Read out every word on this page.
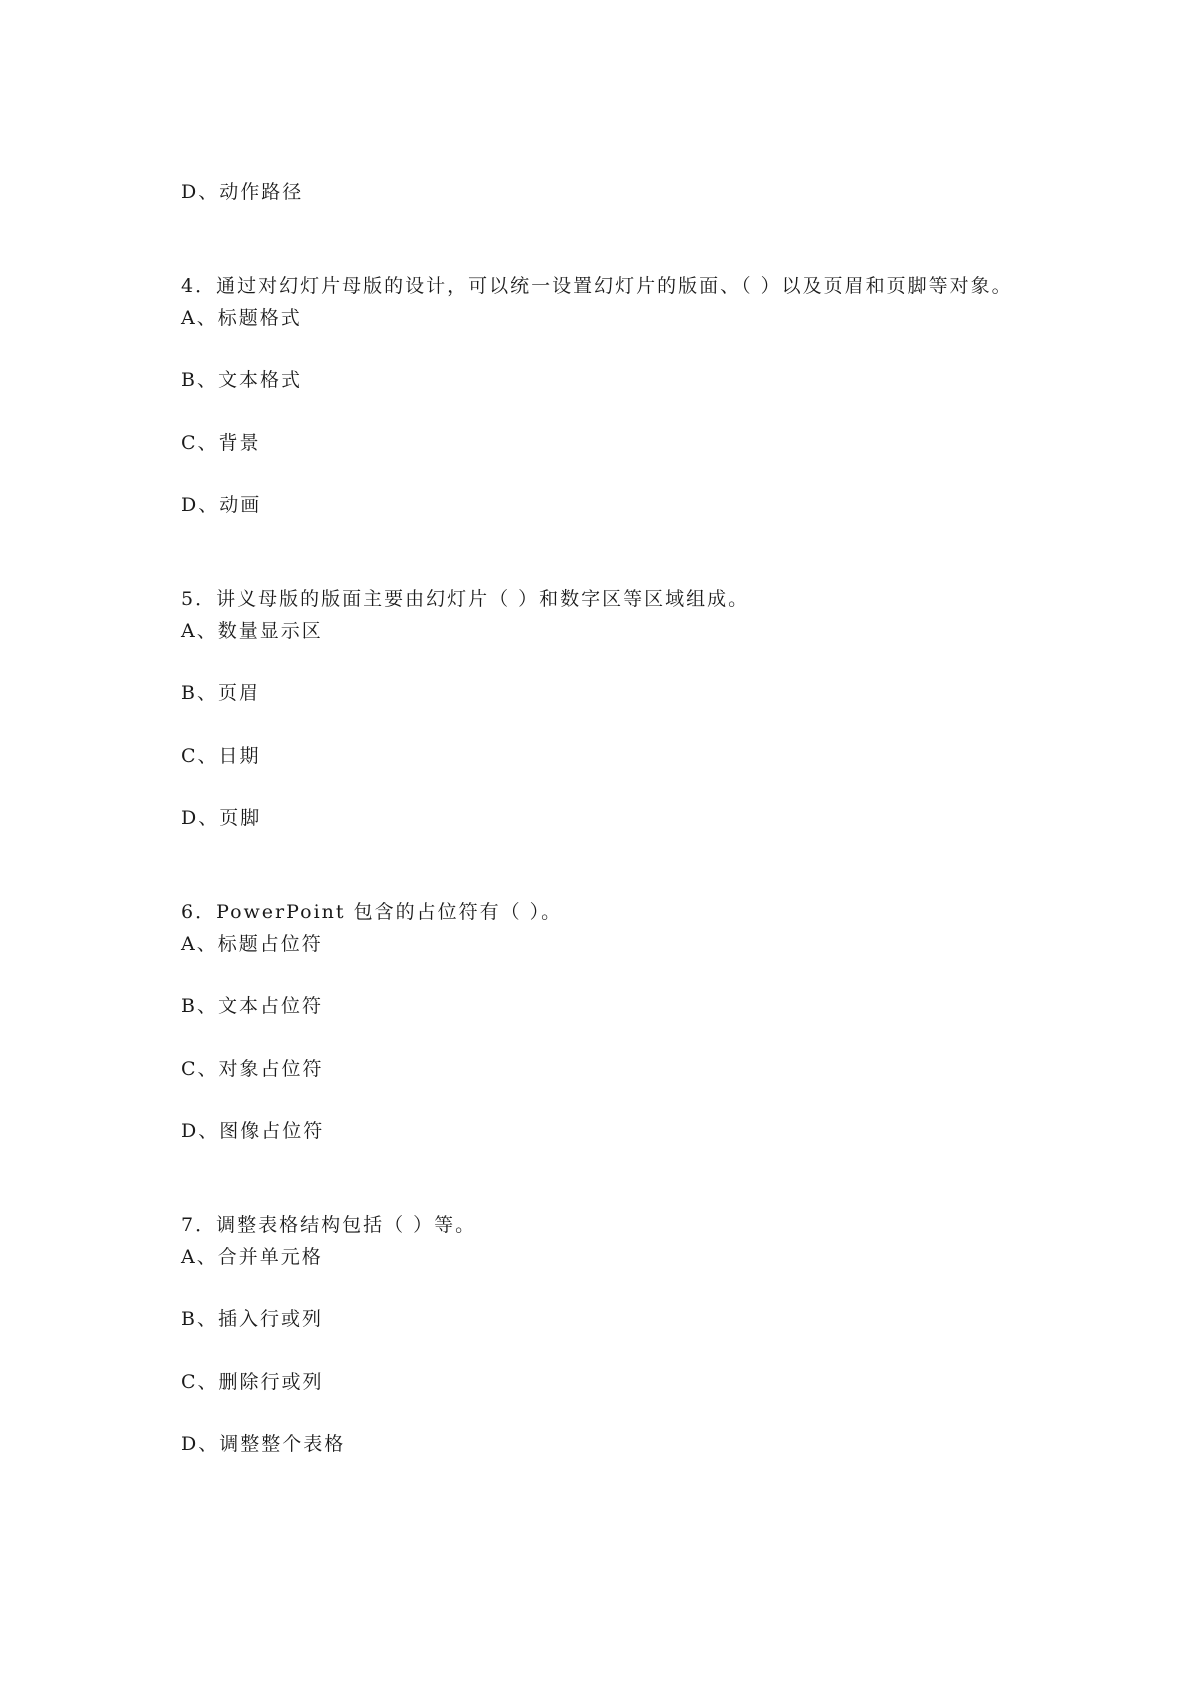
D、动作路径
4．通过对幻灯片母版的设计，可以统一设置幻灯片的版面、（ ）以及页眉和页脚等对象。
A、标题格式
B、文本格式
C、背景
D、动画
5．讲义母版的版面主要由幻灯片（ ）和数字区等区域组成。
A、数量显示区
B、页眉
C、日期
D、页脚
6．PowerPoint 包含的占位符有（ ）。
A、标题占位符
B、文本占位符
C、对象占位符
D、图像占位符
7．调整表格结构包括（ ）等。
A、合并单元格
B、插入行或列
C、删除行或列
D、调整整个表格
